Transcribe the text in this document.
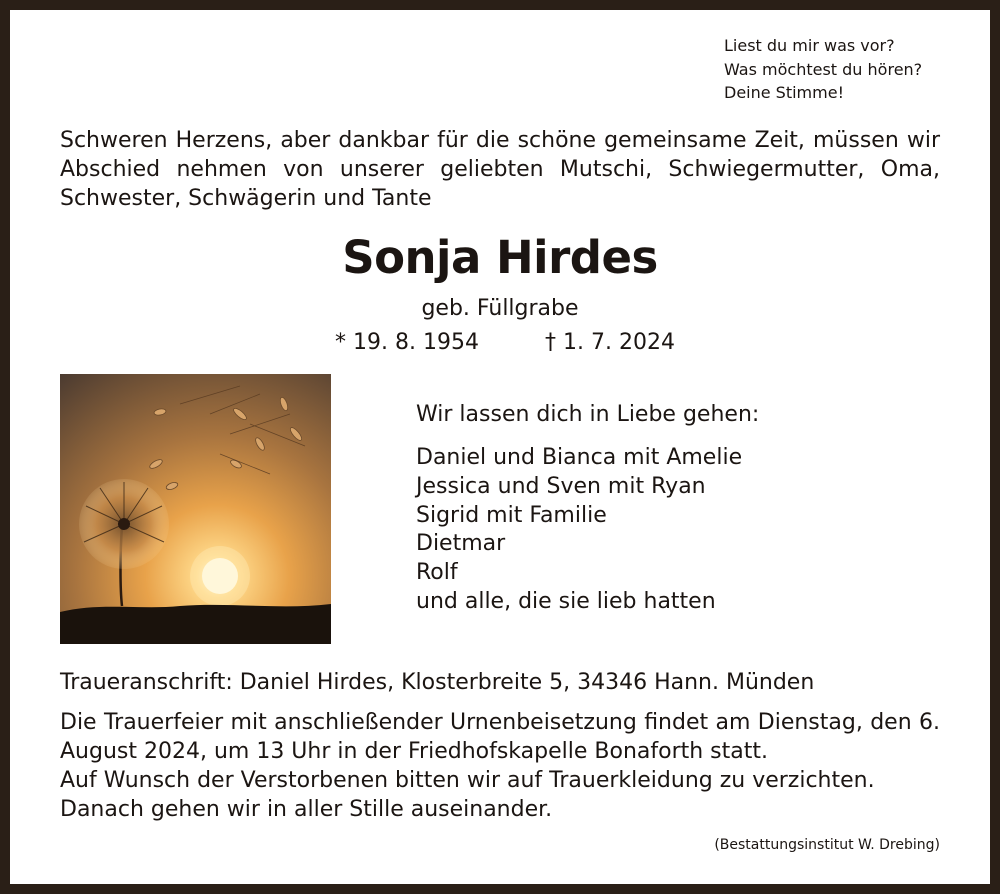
Liest du mir was vor?
Was möchtest du hören?
Deine Stimme!

Schweren Herzens, aber dankbar für die schöne gemeinsame Zeit, müssen wir Abschied nehmen von unserer geliebten Mutschi, Schwiegermutter, Oma, Schwester, Schwägerin und Tante

Sonja Hirdes
geb. Füllgrabe
* 19. 8. 1954	† 1. 7. 2024
Wir lassen dich in Liebe gehen:
Daniel und Bianca mit Amelie
Jessica und Sven mit Ryan
Sigrid mit Familie
Dietmar
Rolf
und alle, die sie lieb hatten
Traueranschrift: Daniel Hirdes, Klosterbreite 5, 34346 Hann. Münden
Die Trauerfeier mit anschließender Urnenbeisetzung findet am Dienstag, den 6. August 2024, um 13 Uhr in der Friedhofskapelle Bonaforth statt.
Auf Wunsch der Verstorbenen bitten wir auf Trauerkleidung zu verzichten.
Danach gehen wir in aller Stille auseinander.
(Bestattungsinstitut W. Drebing)
